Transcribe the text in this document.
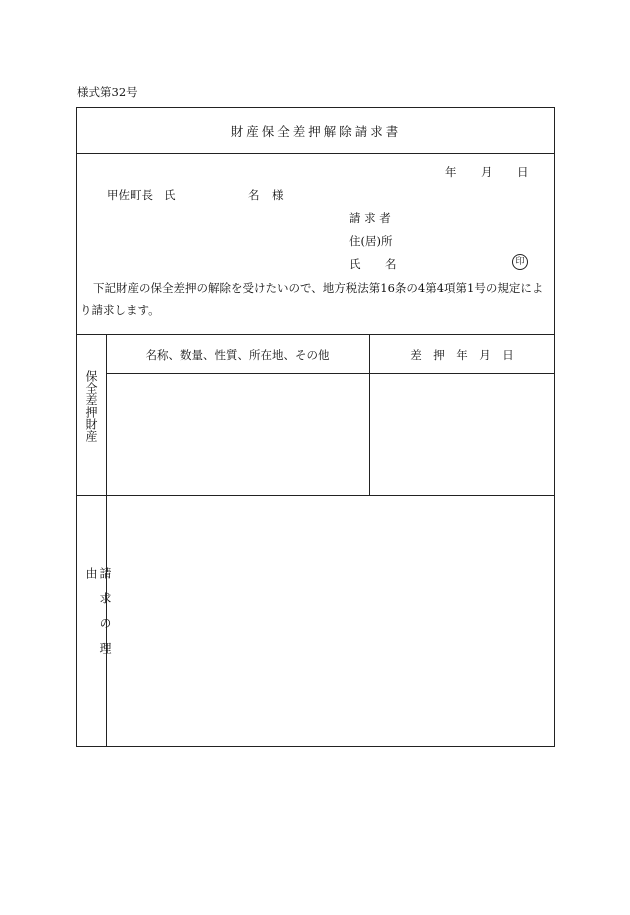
様式第32号
財産保全差押解除請求書
年 月 日
甲佐町長 氏	名 様
請 求 者
住(居)所
氏 名	印
下記財産の保全差押の解除を受けたいので、地方税法第16条の4第4項第1号の規定によ
り請求します。
名称、数量、性質、所在地、その他	差　押　年　月　日
保全差押財産
請求の理由
